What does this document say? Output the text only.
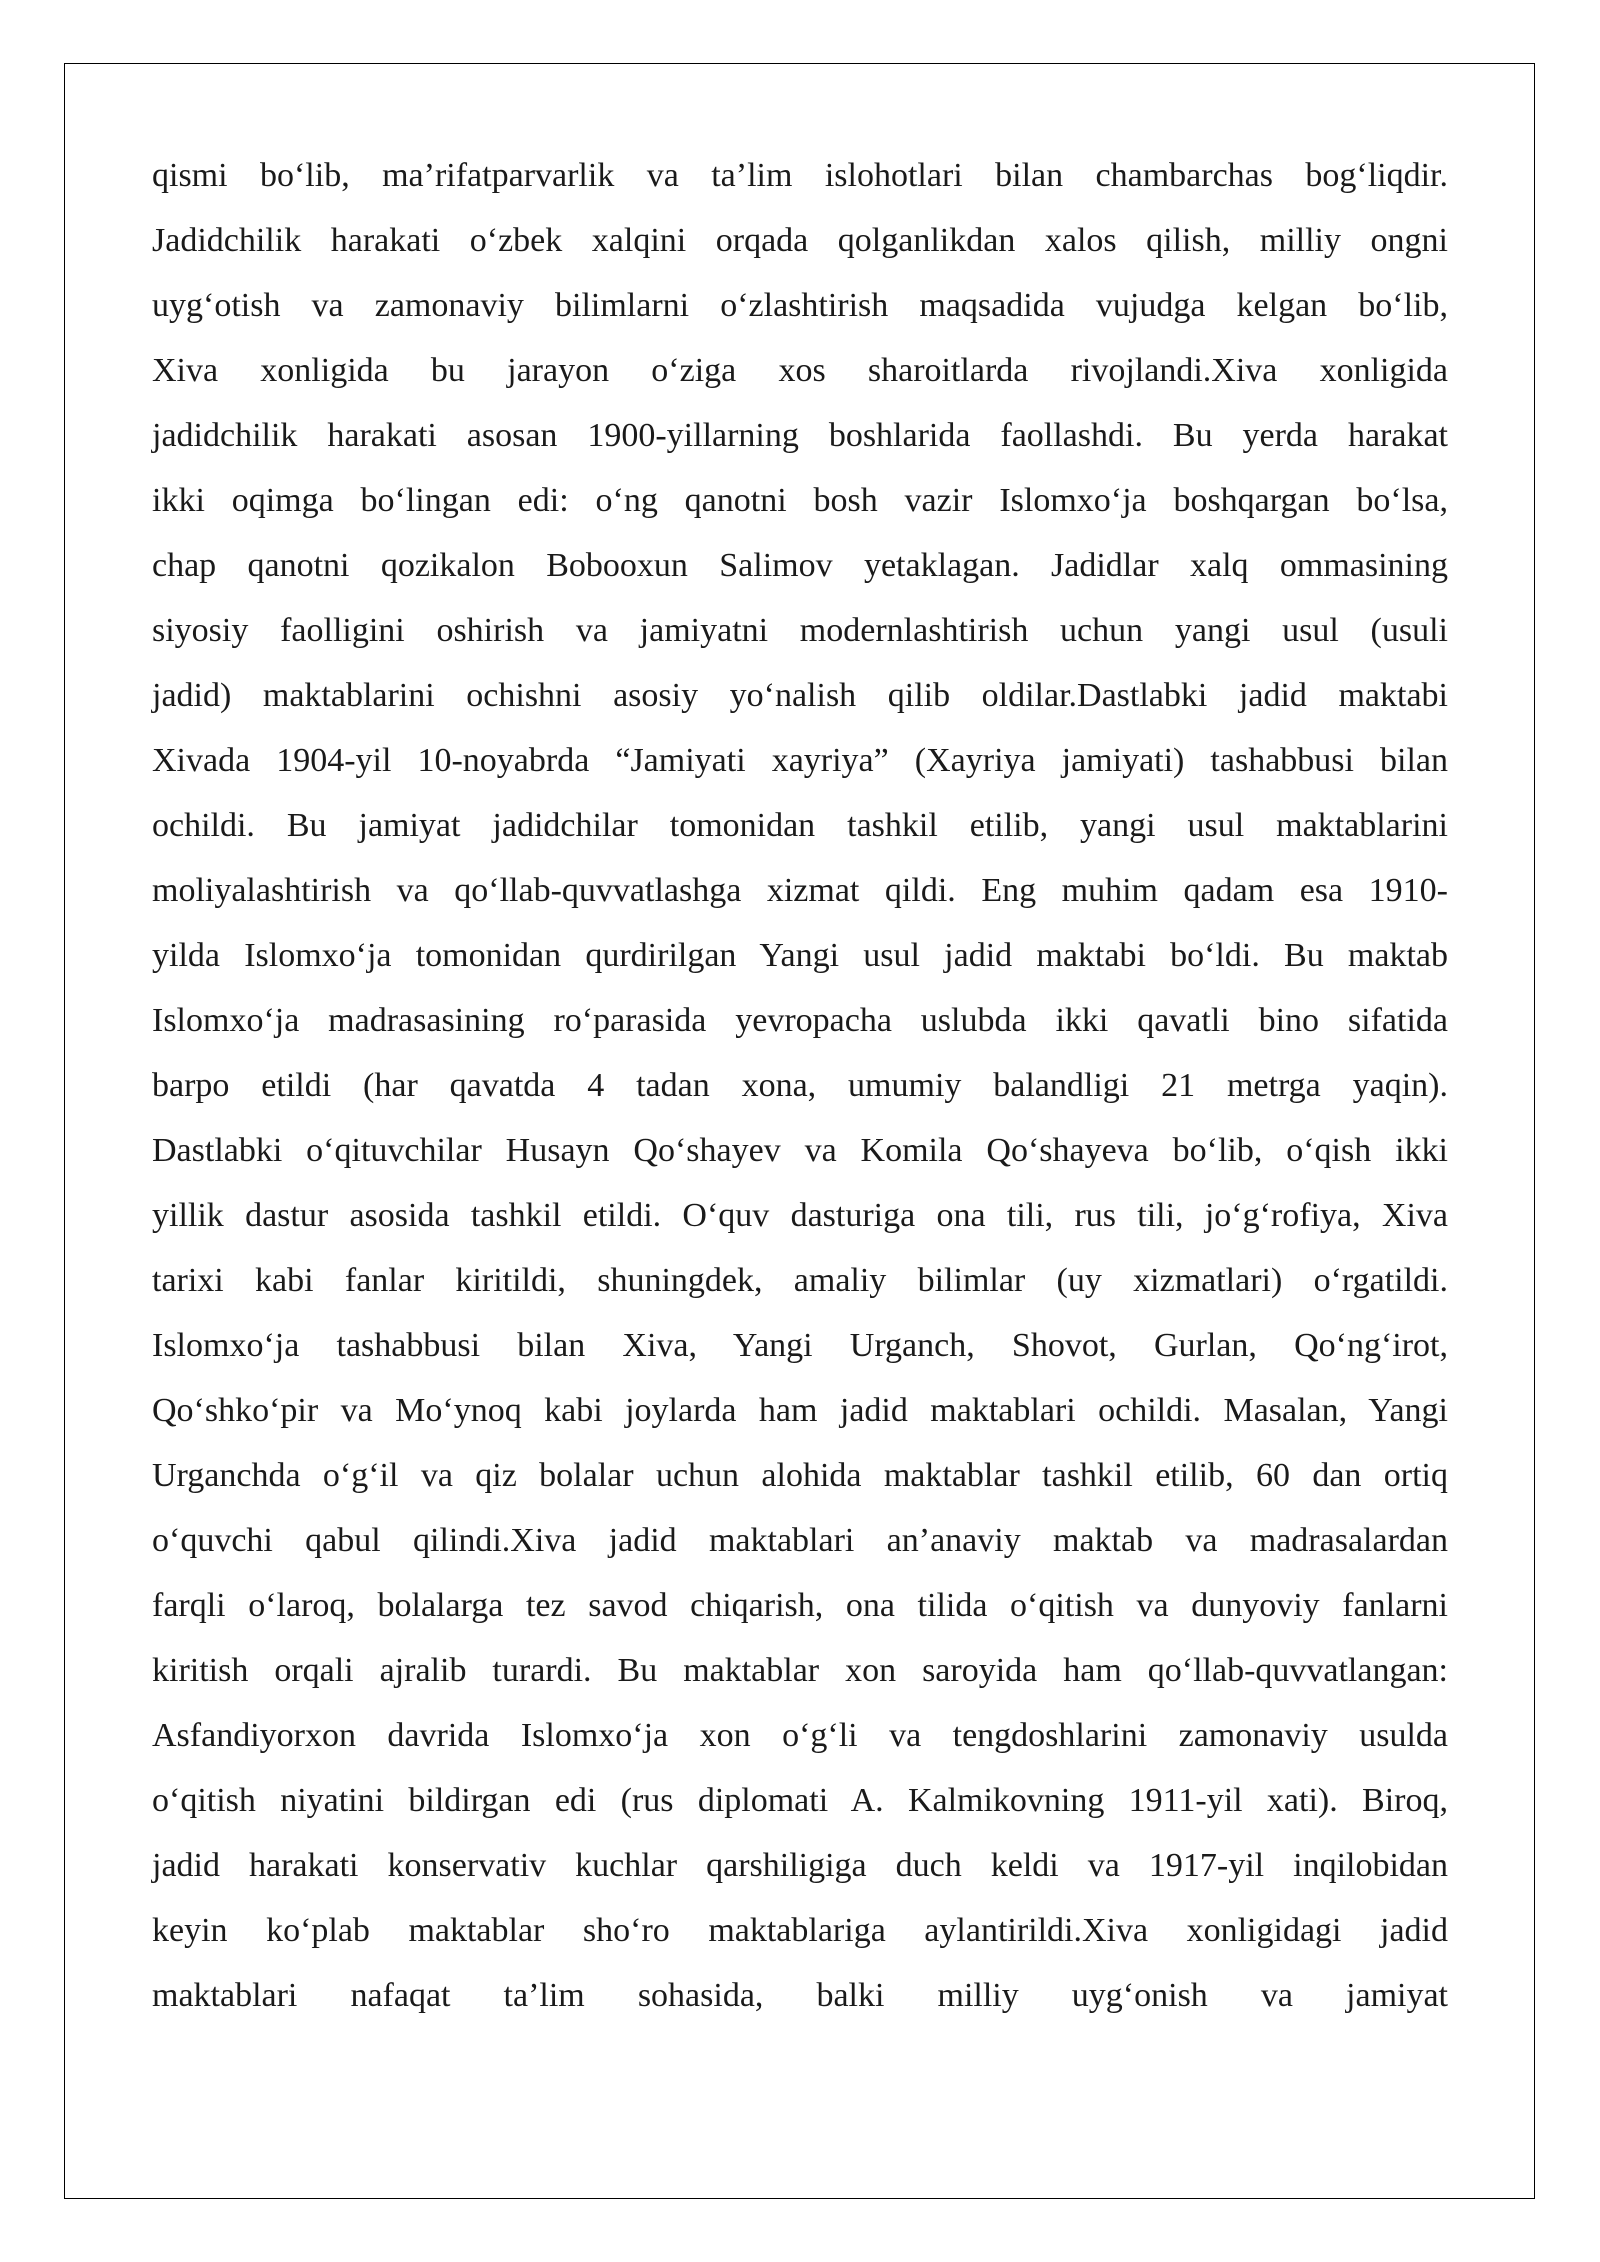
qismi bo‘lib, ma’rifatparvarlik va ta’lim islohotlari bilan chambarchas bog‘liqdir.
Jadidchilik harakati o‘zbek xalqini orqada qolganlikdan xalos qilish, milliy ongni
uyg‘otish va zamonaviy bilimlarni o‘zlashtirish maqsadida vujudga kelgan bo‘lib,
Xiva xonligida bu jarayon o‘ziga xos sharoitlarda rivojlandi.Xiva xonligida
jadidchilik harakati asosan 1900-yillarning boshlarida faollashdi. Bu yerda harakat
ikki oqimga bo‘lingan edi: o‘ng qanotni bosh vazir Islomxo‘ja boshqargan bo‘lsa,
chap qanotni qozikalon Bobooxun Salimov yetaklagan. Jadidlar xalq ommasining
siyosiy faolligini oshirish va jamiyatni modernlashtirish uchun yangi usul (usuli
jadid) maktablarini ochishni asosiy yo‘nalish qilib oldilar.Dastlabki jadid maktabi
Xivada 1904-yil 10-noyabrda “Jamiyati xayriya” (Xayriya jamiyati) tashabbusi bilan
ochildi. Bu jamiyat jadidchilar tomonidan tashkil etilib, yangi usul maktablarini
moliyalashtirish va qo‘llab-quvvatlashga xizmat qildi. Eng muhim qadam esa 1910-
yilda Islomxo‘ja tomonidan qurdirilgan Yangi usul jadid maktabi bo‘ldi. Bu maktab
Islomxo‘ja madrasasining ro‘parasida yevropacha uslubda ikki qavatli bino sifatida
barpo etildi (har qavatda 4 tadan xona, umumiy balandligi 21 metrga yaqin).
Dastlabki o‘qituvchilar Husayn Qo‘shayev va Komila Qo‘shayeva bo‘lib, o‘qish ikki
yillik dastur asosida tashkil etildi. O‘quv dasturiga ona tili, rus tili, jo‘g‘rofiya, Xiva
tarixi kabi fanlar kiritildi, shuningdek, amaliy bilimlar (uy xizmatlari) o‘rgatildi.
Islomxo‘ja tashabbusi bilan Xiva, Yangi Urganch, Shovot, Gurlan, Qo‘ng‘irot,
Qo‘shko‘pir va Mo‘ynoq kabi joylarda ham jadid maktablari ochildi. Masalan, Yangi
Urganchda o‘g‘il va qiz bolalar uchun alohida maktablar tashkil etilib, 60 dan ortiq
o‘quvchi qabul qilindi.Xiva jadid maktablari an’anaviy maktab va madrasalardan
farqli o‘laroq, bolalarga tez savod chiqarish, ona tilida o‘qitish va dunyoviy fanlarni
kiritish orqali ajralib turardi. Bu maktablar xon saroyida ham qo‘llab-quvvatlangan:
Asfandiyorxon davrida Islomxo‘ja xon o‘g‘li va tengdoshlarini zamonaviy usulda
o‘qitish niyatini bildirgan edi (rus diplomati A. Kalmikovning 1911-yil xati). Biroq,
jadid harakati konservativ kuchlar qarshiligiga duch keldi va 1917-yil inqilobidan
keyin ko‘plab maktablar sho‘ro maktablariga aylantirildi.Xiva xonligidagi jadid
maktablari nafaqat ta’lim sohasida, balki milliy uyg‘onish va jamiyat
